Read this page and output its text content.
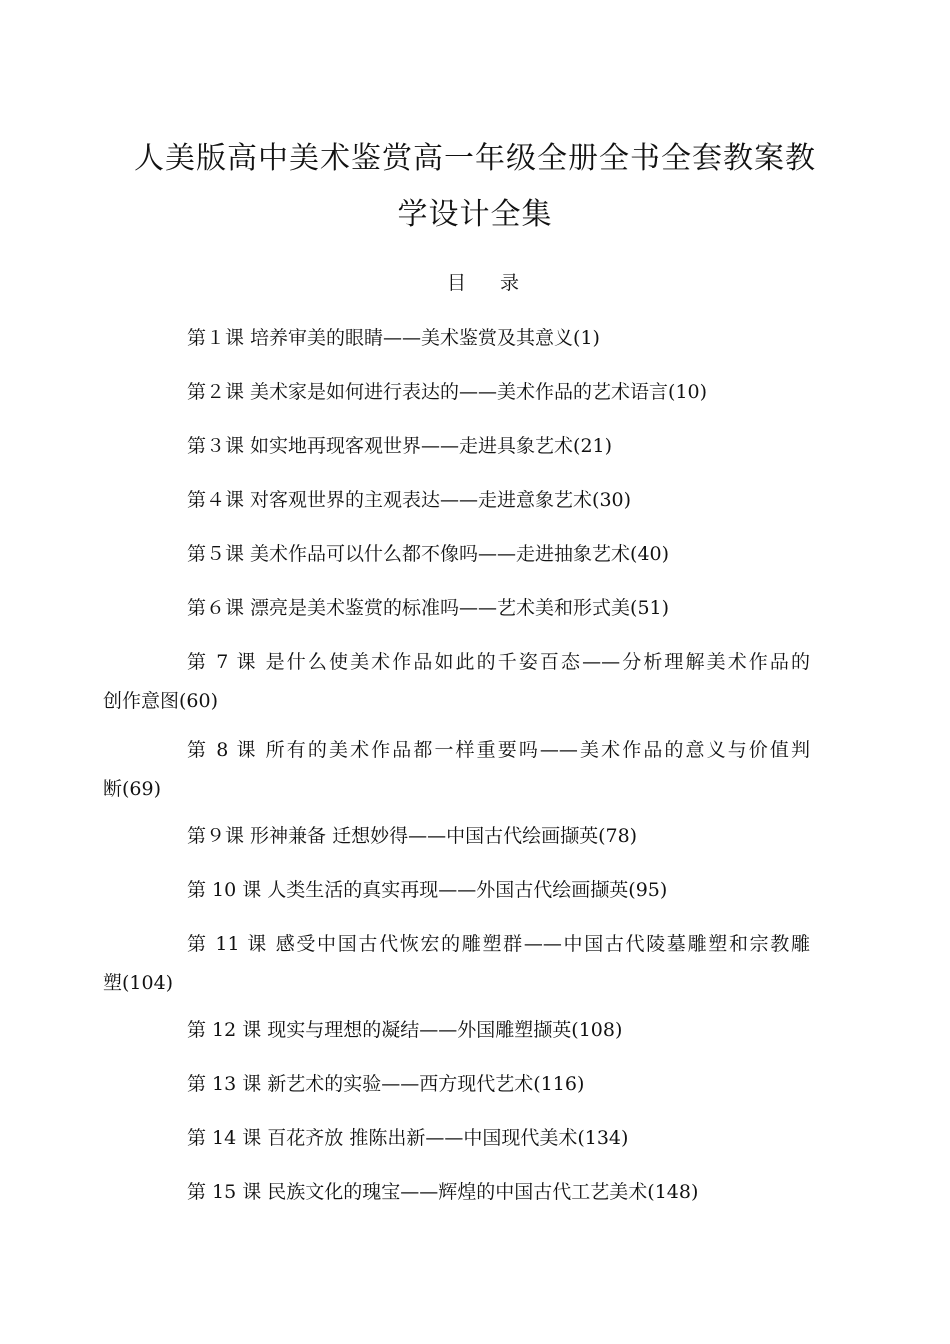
人美版高中美术鉴赏高一年级全册全书全套教案教
学设计全集
目 录
第１课 培养审美的眼睛——美术鉴赏及其意义(1)
第２课 美术家是如何进行表达的——美术作品的艺术语言(10)
第３课 如实地再现客观世界——走进具象艺术(21)
第４课 对客观世界的主观表达——走进意象艺术(30)
第５课 美术作品可以什么都不像吗——走进抽象艺术(40)
第６课 漂亮是美术鉴赏的标准吗——艺术美和形式美(51)
第 7 课 是什么使美术作品如此的千姿百态——分析理解美术作品的
创作意图(60)
第 8 课 所有的美术作品都一样重要吗——美术作品的意义与价值判
断(69)
第９课 形神兼备 迁想妙得——中国古代绘画撷英(78)
第 10 课 人类生活的真实再现——外国古代绘画撷英(95)
第 11 课 感受中国古代恢宏的雕塑群——中国古代陵墓雕塑和宗教雕
塑(104)
第 12 课 现实与理想的凝结——外国雕塑撷英(108)
第 13 课 新艺术的实验——西方现代艺术(116)
第 14 课 百花齐放 推陈出新——中国现代美术(134)
第 15 课 民族文化的瑰宝——辉煌的中国古代工艺美术(148)
